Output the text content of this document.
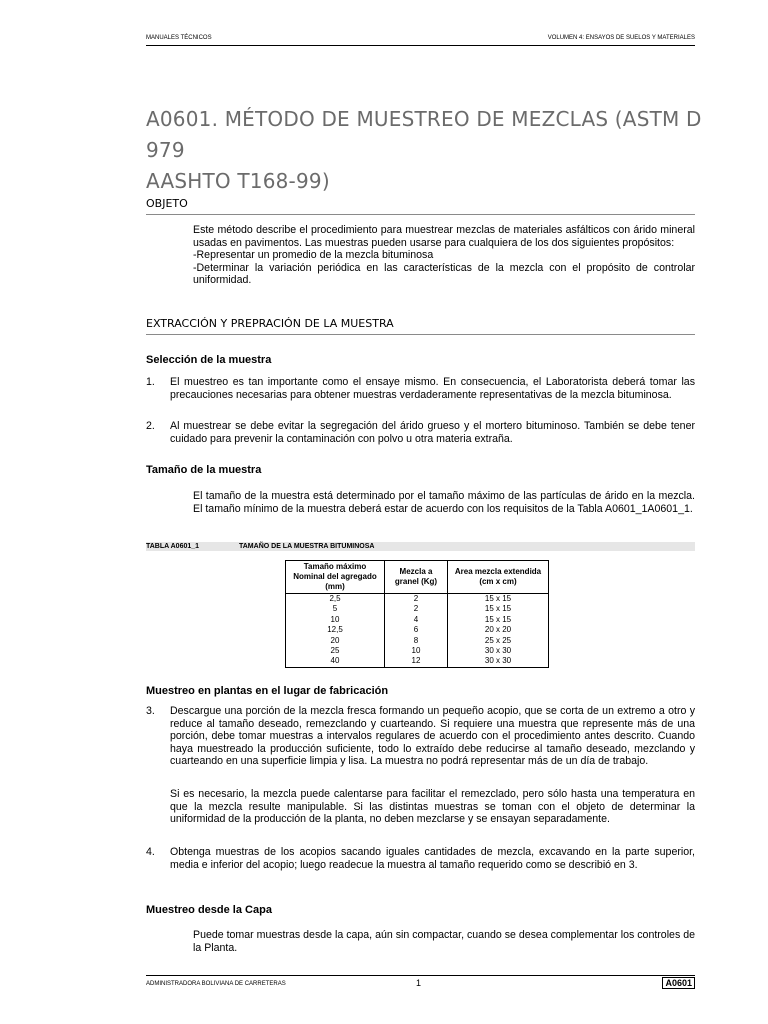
MANUALES TÉCNICOS	VOLUMEN 4: ENSAYOS DE SUELOS Y MATERIALES
A0601. MÉTODO DE MUESTREO DE MEZCLAS (ASTM D 979
AASHTO T168-99)
OBJETO
Este método describe el procedimiento para muestrear mezclas de materiales asfálticos con árido mineral usadas en pavimentos. Las muestras pueden usarse para cualquiera de los dos siguientes propósitos:
-Representar un promedio de la mezcla bituminosa
-Determinar la variación periódica en las características de la mezcla con el propósito de controlar uniformidad.
EXTRACCIÓN Y PREPRACIÓN DE LA MUESTRA
Selección de la muestra
1. El muestreo es tan importante como el ensaye mismo. En consecuencia, el Laboratorista deberá tomar las precauciones necesarias para obtener muestras verdaderamente representativas de la mezcla bituminosa.

2. Al muestrear se debe evitar la segregación del árido grueso y el mortero bituminoso. También se debe tener cuidado para prevenir la contaminación con polvo u otra materia extraña.

Tamaño de la muestra

El tamaño de la muestra está determinado por el tamaño máximo de las partículas de árido en la mezcla. El tamaño mínimo de la muestra deberá estar de acuerdo con los requisitos de la Tabla A0601_1A0601_1.

TABLA A0601_1	TAMAÑO DE LA MUESTRA BITUMINOSA
Tamaño máximo Nominal del agregado (mm)	Mezcla a granel (Kg)	Area mezcla extendida (cm x cm)
2,5	2	15 x 15
5	2	15 x 15
10	4	15 x 15
12,5	6	20 x 20
20	8	25 x 25
25	10	30 x 30
40	12	30 x 30
Muestreo en plantas en el lugar de fabricación
3. Descargue una porción de la mezcla fresca formando un pequeño acopio, que se corta de un extremo a otro y reduce al tamaño deseado, remezclando y cuarteando. Si requiere una muestra que represente más de una porción, debe tomar muestras a intervalos regulares de acuerdo con el procedimiento antes descrito. Cuando haya muestreado la producción suficiente, todo lo extraído debe reducirse al tamaño deseado, mezclando y cuarteando en una superficie limpia y lisa. La muestra no podrá representar más de un día de trabajo.

Si es necesario, la mezcla puede calentarse para facilitar el remezclado, pero sólo hasta una temperatura en que la mezcla resulte manipulable. Si las distintas muestras se toman con el objeto de determinar la uniformidad de la producción de la planta, no deben mezclarse y se ensayan separadamente.

4. Obtenga muestras de los acopios sacando iguales cantidades de mezcla, excavando en la parte superior, media e inferior del acopio; luego readecue la muestra al tamaño requerido como se describió en 3.

Muestreo desde la Capa

Puede tomar muestras desde la capa, aún sin compactar, cuando se desea complementar los controles de la Planta.

ADMINISTRADORA BOLIVIANA DE CARRETERAS	1	A0601
